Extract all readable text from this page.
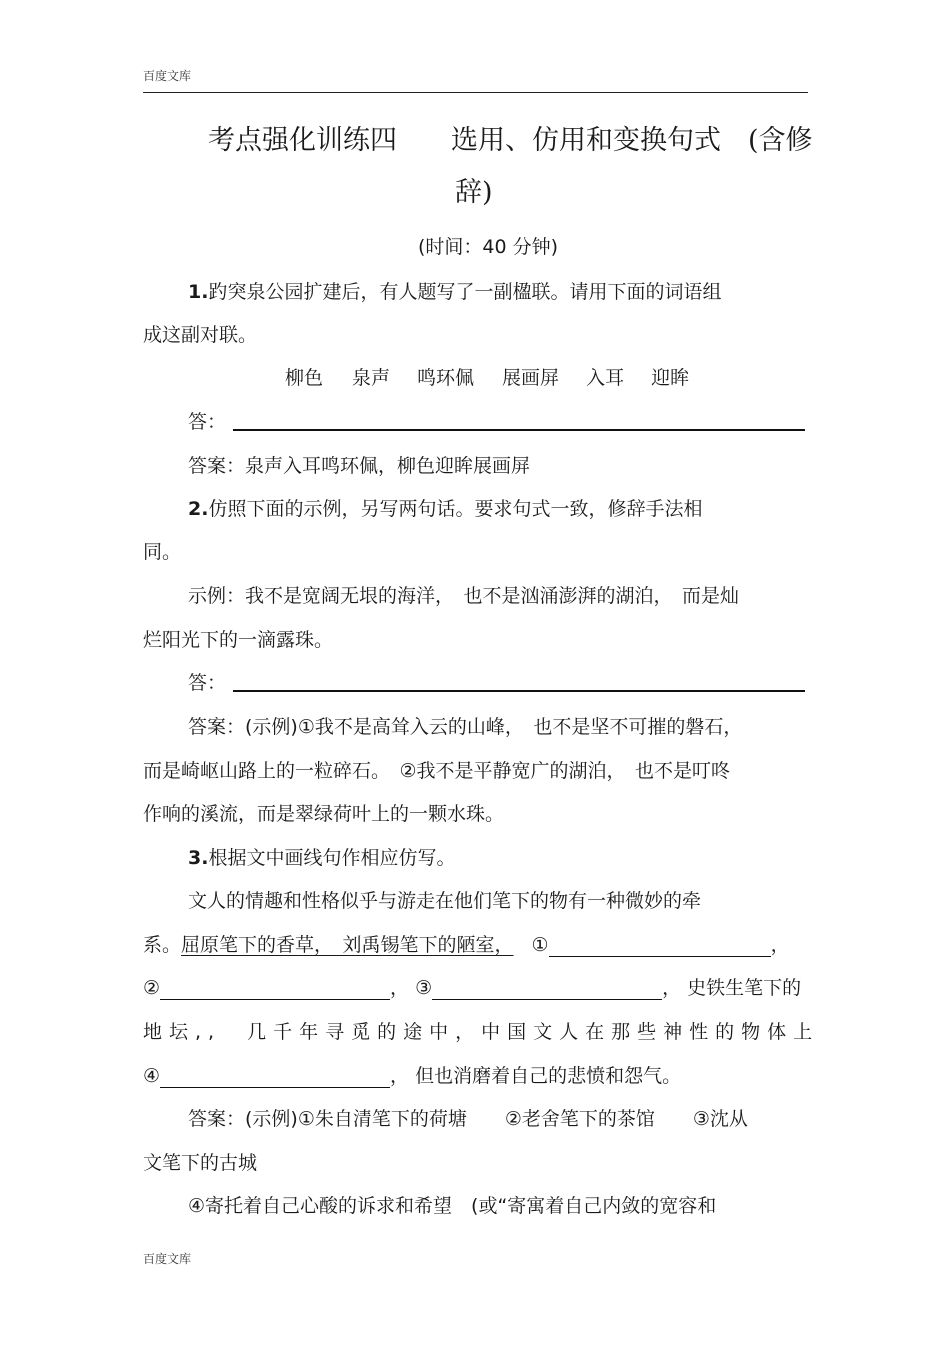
百度文库
考点强化训练四　　选用、仿用和变换句式　(含修
辞)
(时间：40 分钟)
1.趵突泉公园扩建后，有人题写了一副楹联。请用下面的词语组
成这副对联。
柳色 泉声 鸣环佩 展画屏 入耳 迎眸
答：
答案：泉声入耳鸣环佩，柳色迎眸展画屏
2.仿照下面的示例，另写两句话。要求句式一致，修辞手法相
同。
示例：我不是宽阔无垠的海洋，　也不是汹涌澎湃的湖泊，　而是灿
烂阳光下的一滴露珠。
答：
答案：(示例)①我不是高耸入云的山峰，　也不是坚不可摧的磐石，
而是崎岖山路上的一粒碎石。　②我不是平静宽广的湖泊，　也不是叮咚
作响的溪流，而是翠绿荷叶上的一颗水珠。
3.根据文中画线句作相应仿写。
文人的情趣和性格似乎与游走在他们笔下的物有一种微妙的牵
系。屈原笔下的香草，　刘禹锡笔下的陋室， ①	，
②	， ③	， 史铁生笔下的
地坛,,　几千年寻觅的途中，中国文人在那些神性的物体上
④	， 但也消磨着自己的悲愤和怨气。
答案：(示例)①朱自清笔下的荷塘　　②老舍笔下的茶馆　　③沈从
文笔下的古城
④寄托着自己心酸的诉求和希望　(或“寄寓着自己内敛的宽容和
百度文库
